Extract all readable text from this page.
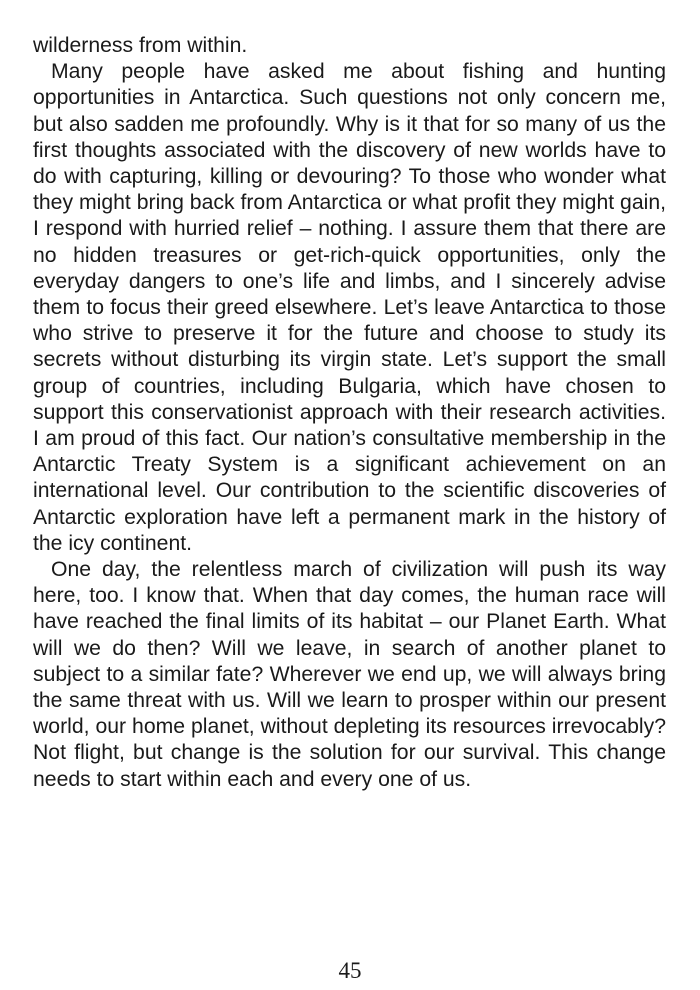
wilderness from within.

Many people have asked me about fishing and hunting opportunities in Antarctica. Such questions not only concern me, but also sadden me profoundly. Why is it that for so many of us the first thoughts associated with the discovery of new worlds have to do with capturing, killing or devouring? To those who wonder what they might bring back from Antarctica or what profit they might gain, I respond with hurried relief – nothing. I assure them that there are no hidden treasures or get-rich-quick opportunities, only the everyday dangers to one’s life and limbs, and I sincerely advise them to focus their greed elsewhere. Let’s leave Antarctica to those who strive to preserve it for the future and choose to study its secrets without disturbing its virgin state. Let’s support the small group of countries, including Bulgaria, which have chosen to support this conservationist approach with their research activities. I am proud of this fact. Our nation’s consultative membership in the Antarctic Treaty System is a significant achievement on an international level. Our contribution to the scientific discoveries of Antarctic exploration have left a permanent mark in the history of the icy continent.

One day, the relentless march of civilization will push its way here, too. I know that. When that day comes, the human race will have reached the final limits of its habitat – our Planet Earth. What will we do then? Will we leave, in search of another planet to subject to a similar fate? Wherever we end up, we will always bring the same threat with us. Will we learn to prosper within our present world, our home planet, without depleting its resources irrevocably? Not flight, but change is the solution for our survival. This change needs to start within each and every one of us.

45
